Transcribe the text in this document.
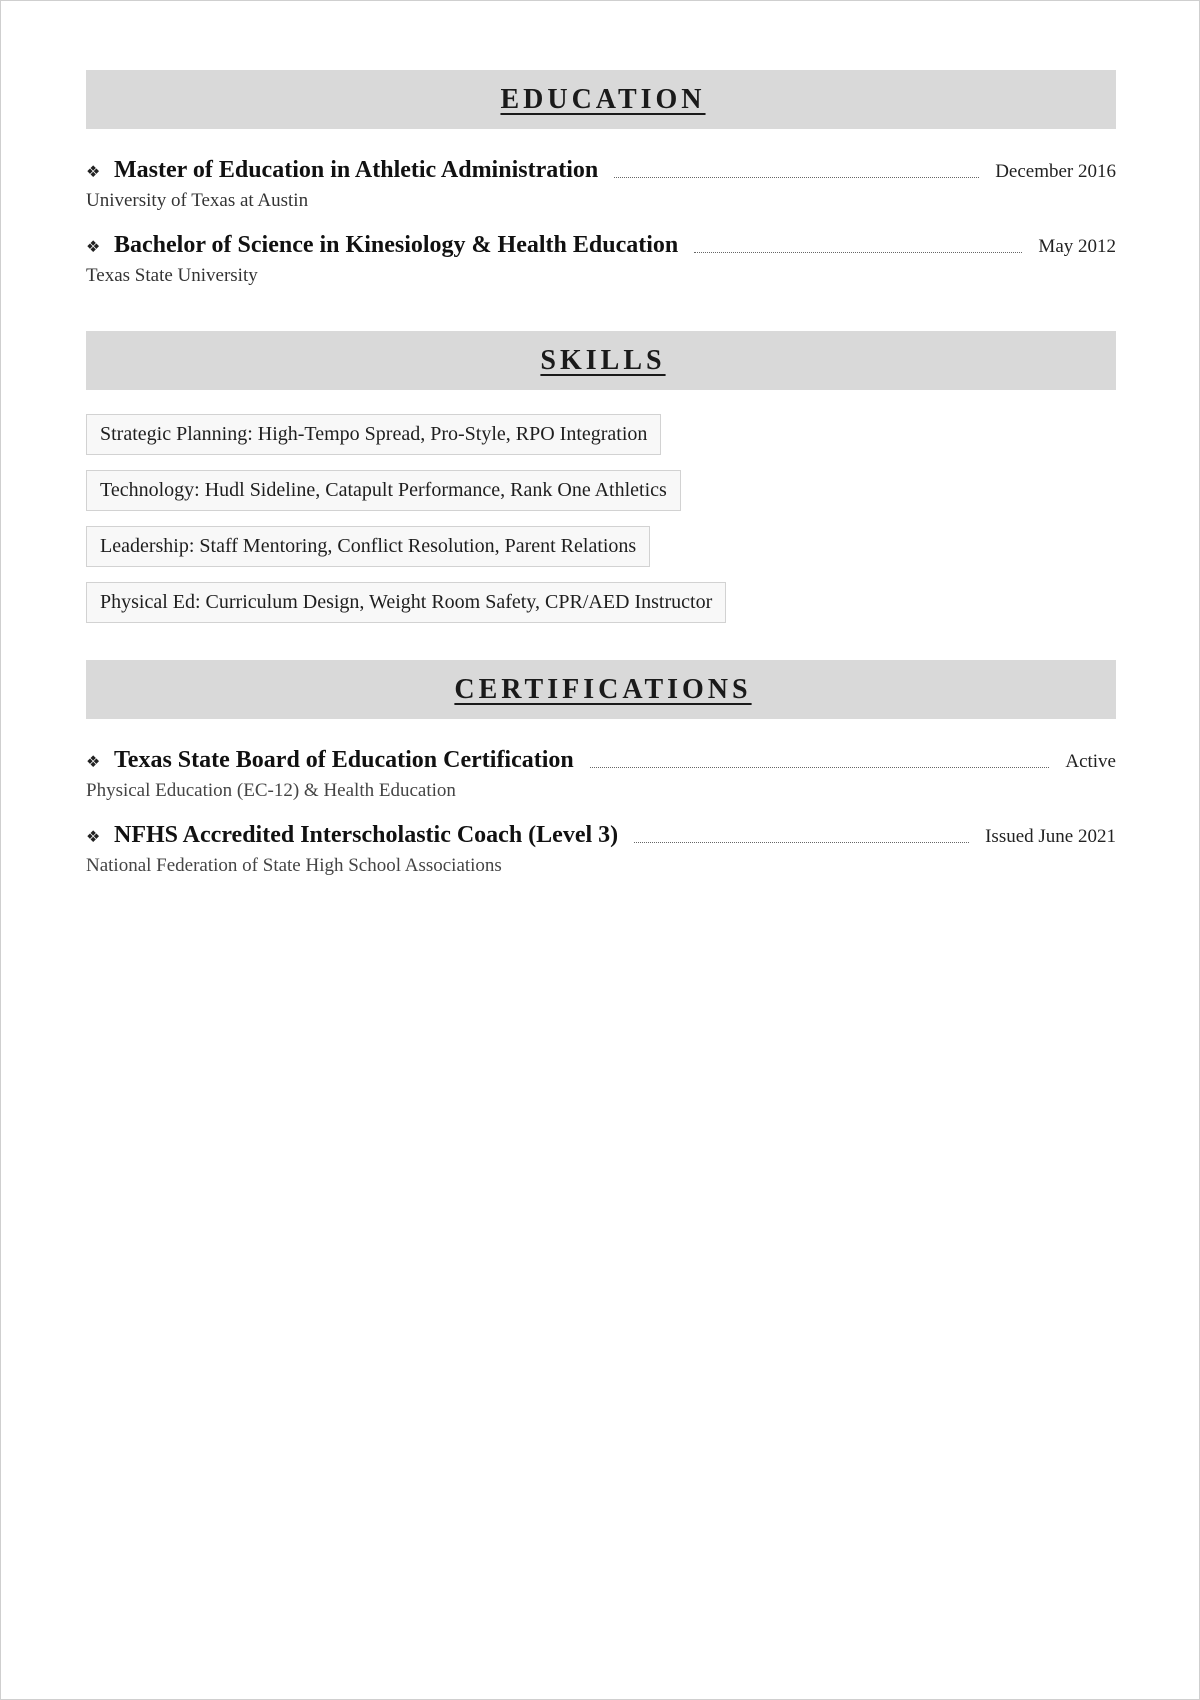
EDUCATION
❖ Master of Education in Athletic Administration	December 2016
University of Texas at Austin
❖ Bachelor of Science in Kinesiology & Health Education	May 2012
Texas State University
SKILLS
Strategic Planning: High-Tempo Spread, Pro-Style, RPO Integration
Technology: Hudl Sideline, Catapult Performance, Rank One Athletics
Leadership: Staff Mentoring, Conflict Resolution, Parent Relations
Physical Ed: Curriculum Design, Weight Room Safety, CPR/AED Instructor
CERTIFICATIONS
❖ Texas State Board of Education Certification	Active
Physical Education (EC-12) & Health Education
❖ NFHS Accredited Interscholastic Coach (Level 3)	Issued June 2021
National Federation of State High School Associations
